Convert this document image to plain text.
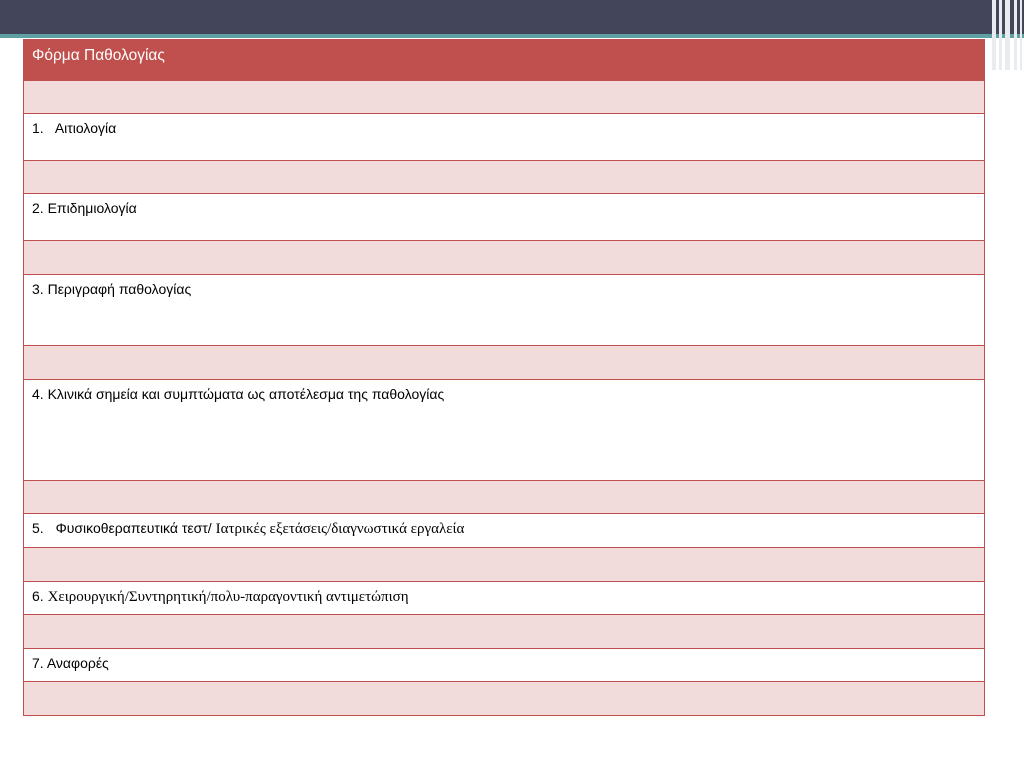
Φόρμα Παθολογίας

1. Αιτιολογία

2. Επιδημιολογία

3. Περιγραφή παθολογίας

4. Κλινικά σημεία και συμπτώματα ως αποτέλεσμα της παθολογίας

5. Φυσικοθεραπευτικά τεστ/ Ιατρικές εξετάσεις/διαγνωστικά εργαλεία

6. Χειρουργική/Συντηρητική/πολυ-παραγοντική αντιμετώπιση

7. Αναφορές
